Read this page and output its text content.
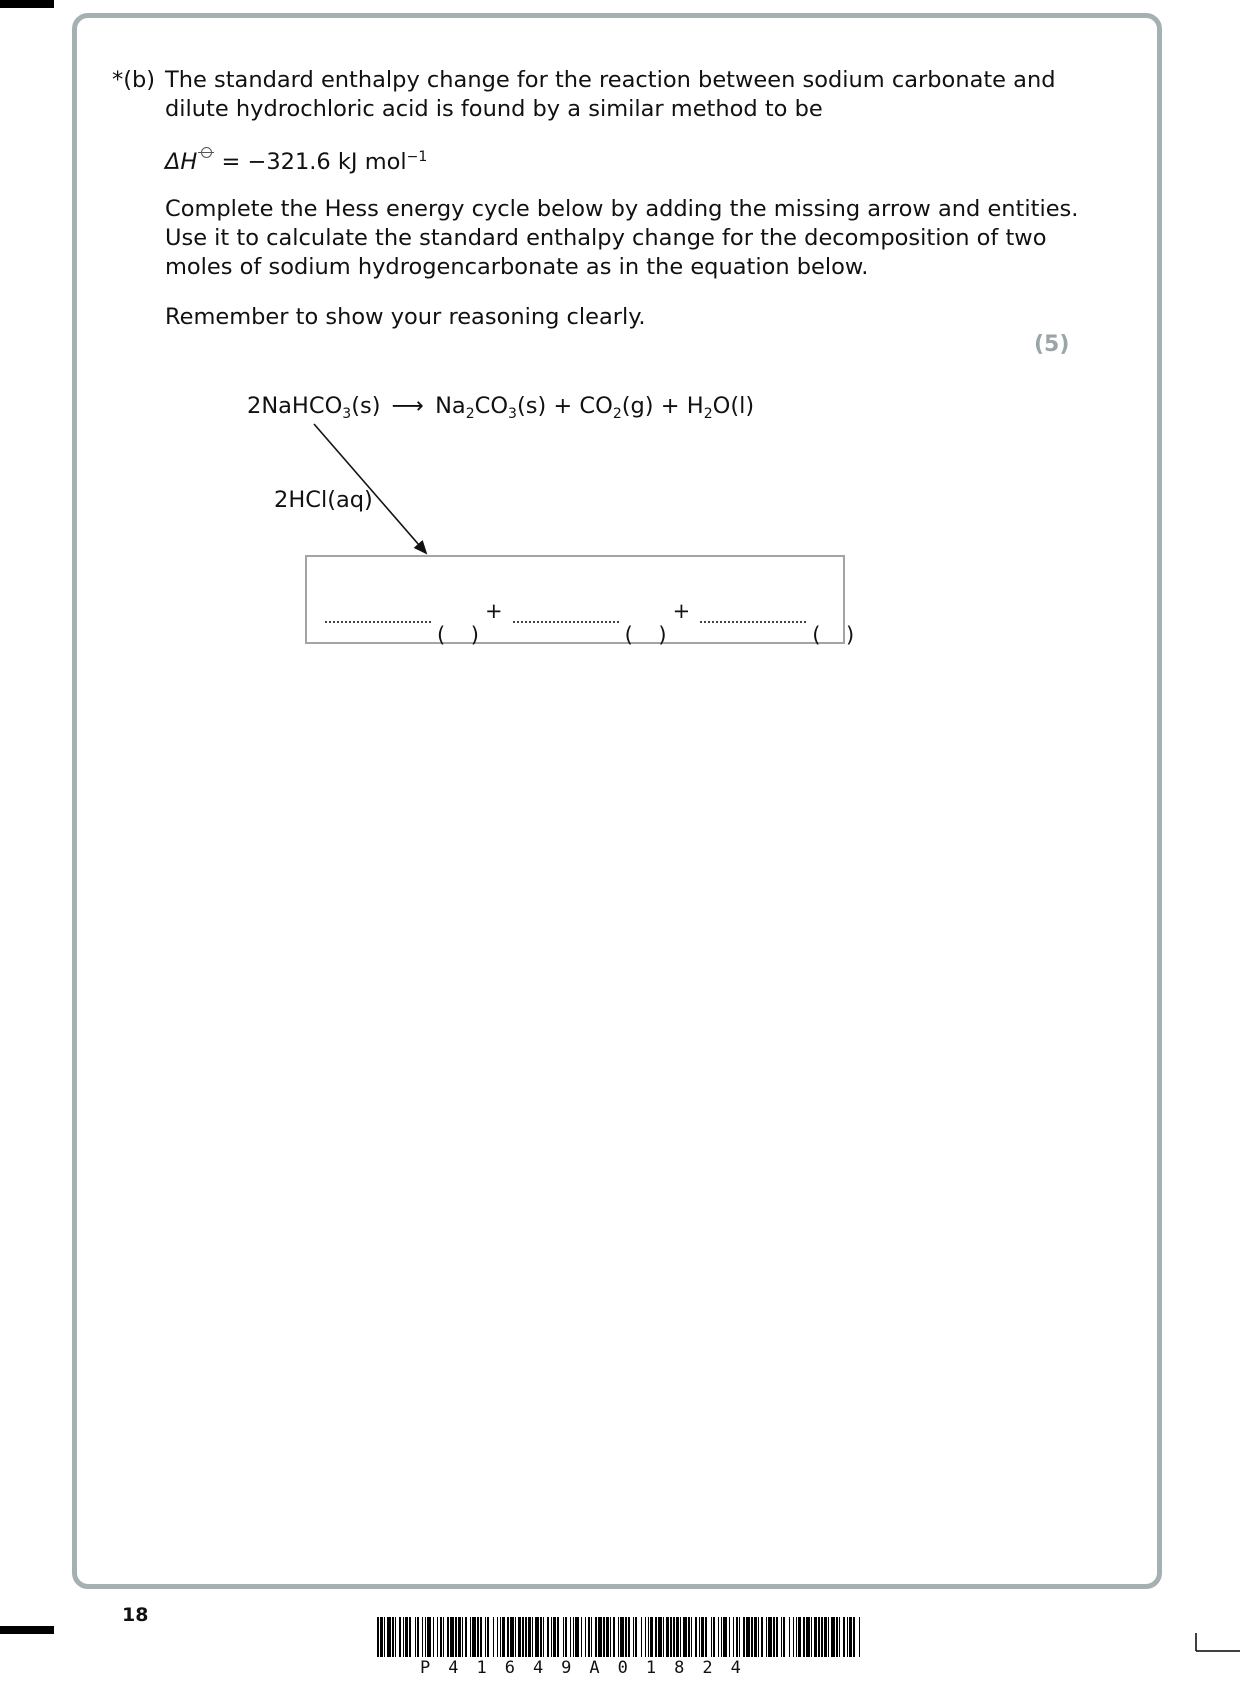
*(b) The standard enthalpy change for the reaction between sodium carbonate and
dilute hydrochloric acid is found by a similar method to be
ΔH = −321.6 kJ mol$^{-1}$
Complete the Hess energy cycle below by adding the missing arrow and entities.
Use it to calculate the standard enthalpy change for the decomposition of two
moles of sodium hydrogencarbonate as in the equation below.
Remember to show your reasoning clearly.
(5)
2NaHCO$_3$(s) ⟶ $Na_2CO_3(s) + CO_2(g) + H_2O(l)$
2HCl(aq)
( )
+
( )
+
( )
18
P41649A01824
